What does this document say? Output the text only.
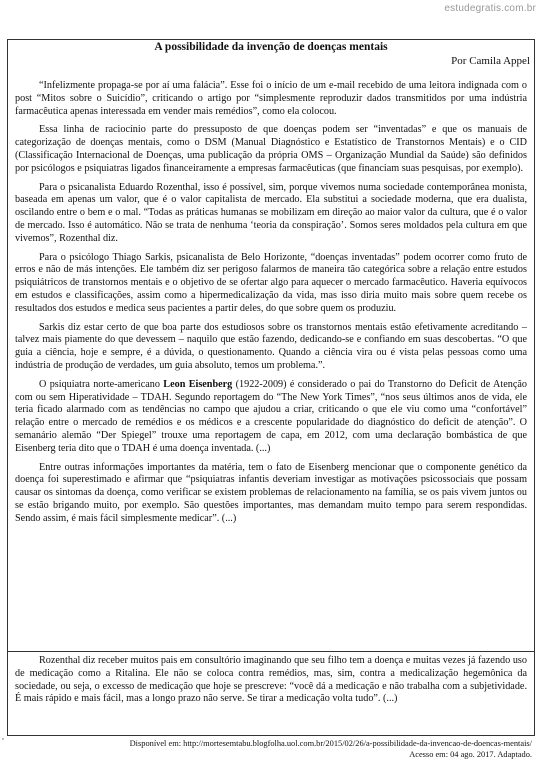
estudegratis.com.br
A possibilidade da invenção de doenças mentais
Por Camila Appel

“Infelizmente propaga-se por aí uma falácia”. Esse foi o início de um e-mail recebido de uma leitora indignada com o post “Mitos sobre o Suicídio”, criticando o artigo por “simplesmente reproduzir dados transmitidos por uma indústria farmacêutica apenas interessada em vender mais remédios”, como ela colocou.

Essa linha de raciocínio parte do pressuposto de que doenças podem ser “inventadas” e que os manuais de categorização de doenças mentais, como o DSM (Manual Diagnóstico e Estatístico de Transtornos Mentais) e o CID (Classificação Internacional de Doenças, uma publicação da própria OMS – Organização Mundial da Saúde) são definidos por psicólogos e psiquiatras ligados financeiramente a empresas farmacêuticas (que financiam suas pesquisas, por exemplo).

Para o psicanalista Eduardo Rozenthal, isso é possível, sim, porque vivemos numa sociedade contemporânea monista, baseada em apenas um valor, que é o valor capitalista de mercado. Ela substitui a sociedade moderna, que era dualista, oscilando entre o bem e o mal. “Todas as práticas humanas se mobilizam em direção ao maior valor da cultura, que é o valor de mercado. Isso é automático. Não se trata de nenhuma ‘teoria da conspiração’. Somos seres moldados pela cultura em que vivemos”, Rozenthal diz.

Para o psicólogo Thiago Sarkis, psicanalista de Belo Horizonte, “doenças inventadas” podem ocorrer como fruto de erros e não de más intenções. Ele também diz ser perigoso falarmos de maneira tão categórica sobre a relação entre estudos psiquiátricos de transtornos mentais e o objetivo de se ofertar algo para aquecer o mercado farmacêutico. Haveria equívocos em estudos e classificações, assim como a hipermedicalização da vida, mas isso diria muito mais sobre quem recebe os resultados dos estudos e medica seus pacientes a partir deles, do que sobre quem os produziu.

Sarkis diz estar certo de que boa parte dos estudiosos sobre os transtornos mentais estão efetivamente acreditando – talvez mais piamente do que devessem – naquilo que estão fazendo, dedicando-se e confiando em suas descobertas. “O que guia a ciência, hoje e sempre, é a dúvida, o questionamento. Quando a ciência vira ou é vista pelas pessoas como uma indústria de produção de verdades, um guia absoluto, temos um problema.”.

O psiquiatra norte-americano Leon Eisenberg (1922-2009) é considerado o pai do Transtorno do Deficit de Atenção com ou sem Hiperatividade – TDAH. Segundo reportagem do “The New York Times”, “nos seus últimos anos de vida, ele teria ficado alarmado com as tendências no campo que ajudou a criar, criticando o que ele viu como uma “confortável” relação entre o mercado de remédios e os médicos e a crescente popularidade do diagnóstico do deficit de atenção”. O semanário alemão “Der Spiegel” trouxe uma reportagem de capa, em 2012, com uma declaração bombástica de que Eisenberg teria dito que o TDAH é uma doença inventada. (...)

Entre outras informações importantes da matéria, tem o fato de Eisenberg mencionar que o componente genético da doença foi superestimado e afirmar que “psiquiatras infantis deveriam investigar as motivações psicossociais que possam causar os sintomas da doença, como verificar se existem problemas de relacionamento na família, se os pais vivem juntos ou se estão brigando muito, por exemplo. São questões importantes, mas demandam muito tempo para serem respondidas. Sendo assim, é mais fácil simplesmente medicar”. (...)

Rozenthal diz receber muitos pais em consultório imaginando que seu filho tem a doença e muitas vezes já fazendo uso de medicação como a Ritalina. Ele não se coloca contra remédios, mas, sim, contra a medicalização hegemônica da sociedade, ou seja, o excesso de medicação que hoje se prescreve: “você dá a medicação e não trabalha com a subjetividade. É mais rápido e mais fácil, mas a longo prazo não serve. Se tirar a medicação volta tudo”. (...)

Disponível em: http://mortesemtabu.blogfolha.uol.com.br/2015/02/26/a-possibilidade-da-invencao-de-doencas-mentais/
Acesso em: 04 ago. 2017. Adaptado.
,
